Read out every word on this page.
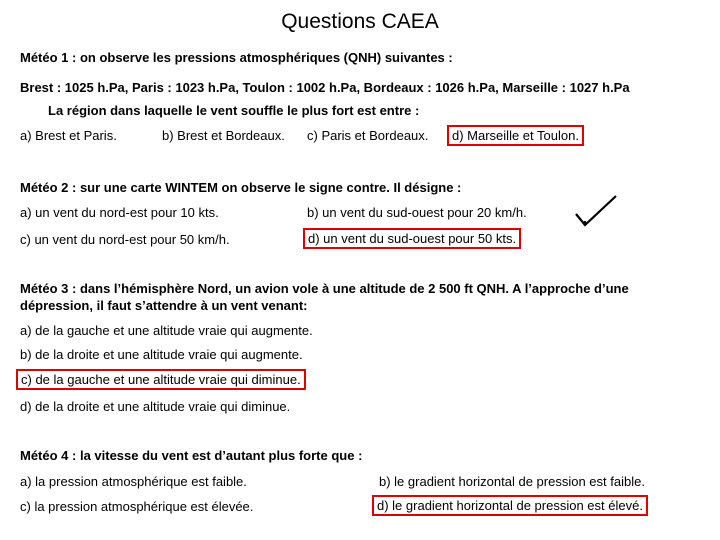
Questions CAEA
Météo 1 : on observe les pressions atmosphériques (QNH) suivantes :
Brest : 1025 h.Pa, Paris : 1023 h.Pa, Toulon : 1002 h.Pa, Bordeaux : 1026 h.Pa, Marseille : 1027 h.Pa
La région dans laquelle le vent souffle le plus fort est entre :
a) Brest et Paris.	b) Brest et Bordeaux. c) Paris et Bordeaux.	d) Marseille et Toulon.
Météo 2 : sur une carte WINTEM on observe le signe contre. Il désigne :
a) un vent du nord-est pour 10 kts.	b) un vent du sud-ouest pour 20 km/h.
c) un vent du nord-est pour 50 km/h.	d) un vent du sud-ouest pour 50 kts.
Météo 3 : dans l’hémisphère Nord, un avion vole à une altitude de 2 500 ft QNH. A l’approche d’une
dépression, il faut s’attendre à un vent venant:
a) de la gauche et une altitude vraie qui augmente.
b) de la droite et une altitude vraie qui augmente.
c) de la gauche et une altitude vraie qui diminue.
d) de la droite et une altitude vraie qui diminue.
Météo 4 : la vitesse du vent est d’autant plus forte que :
a) la pression atmosphérique est faible.	b) le gradient horizontal de pression est faible.
c) la pression atmosphérique est élevée.	d) le gradient horizontal de pression est élevé.
